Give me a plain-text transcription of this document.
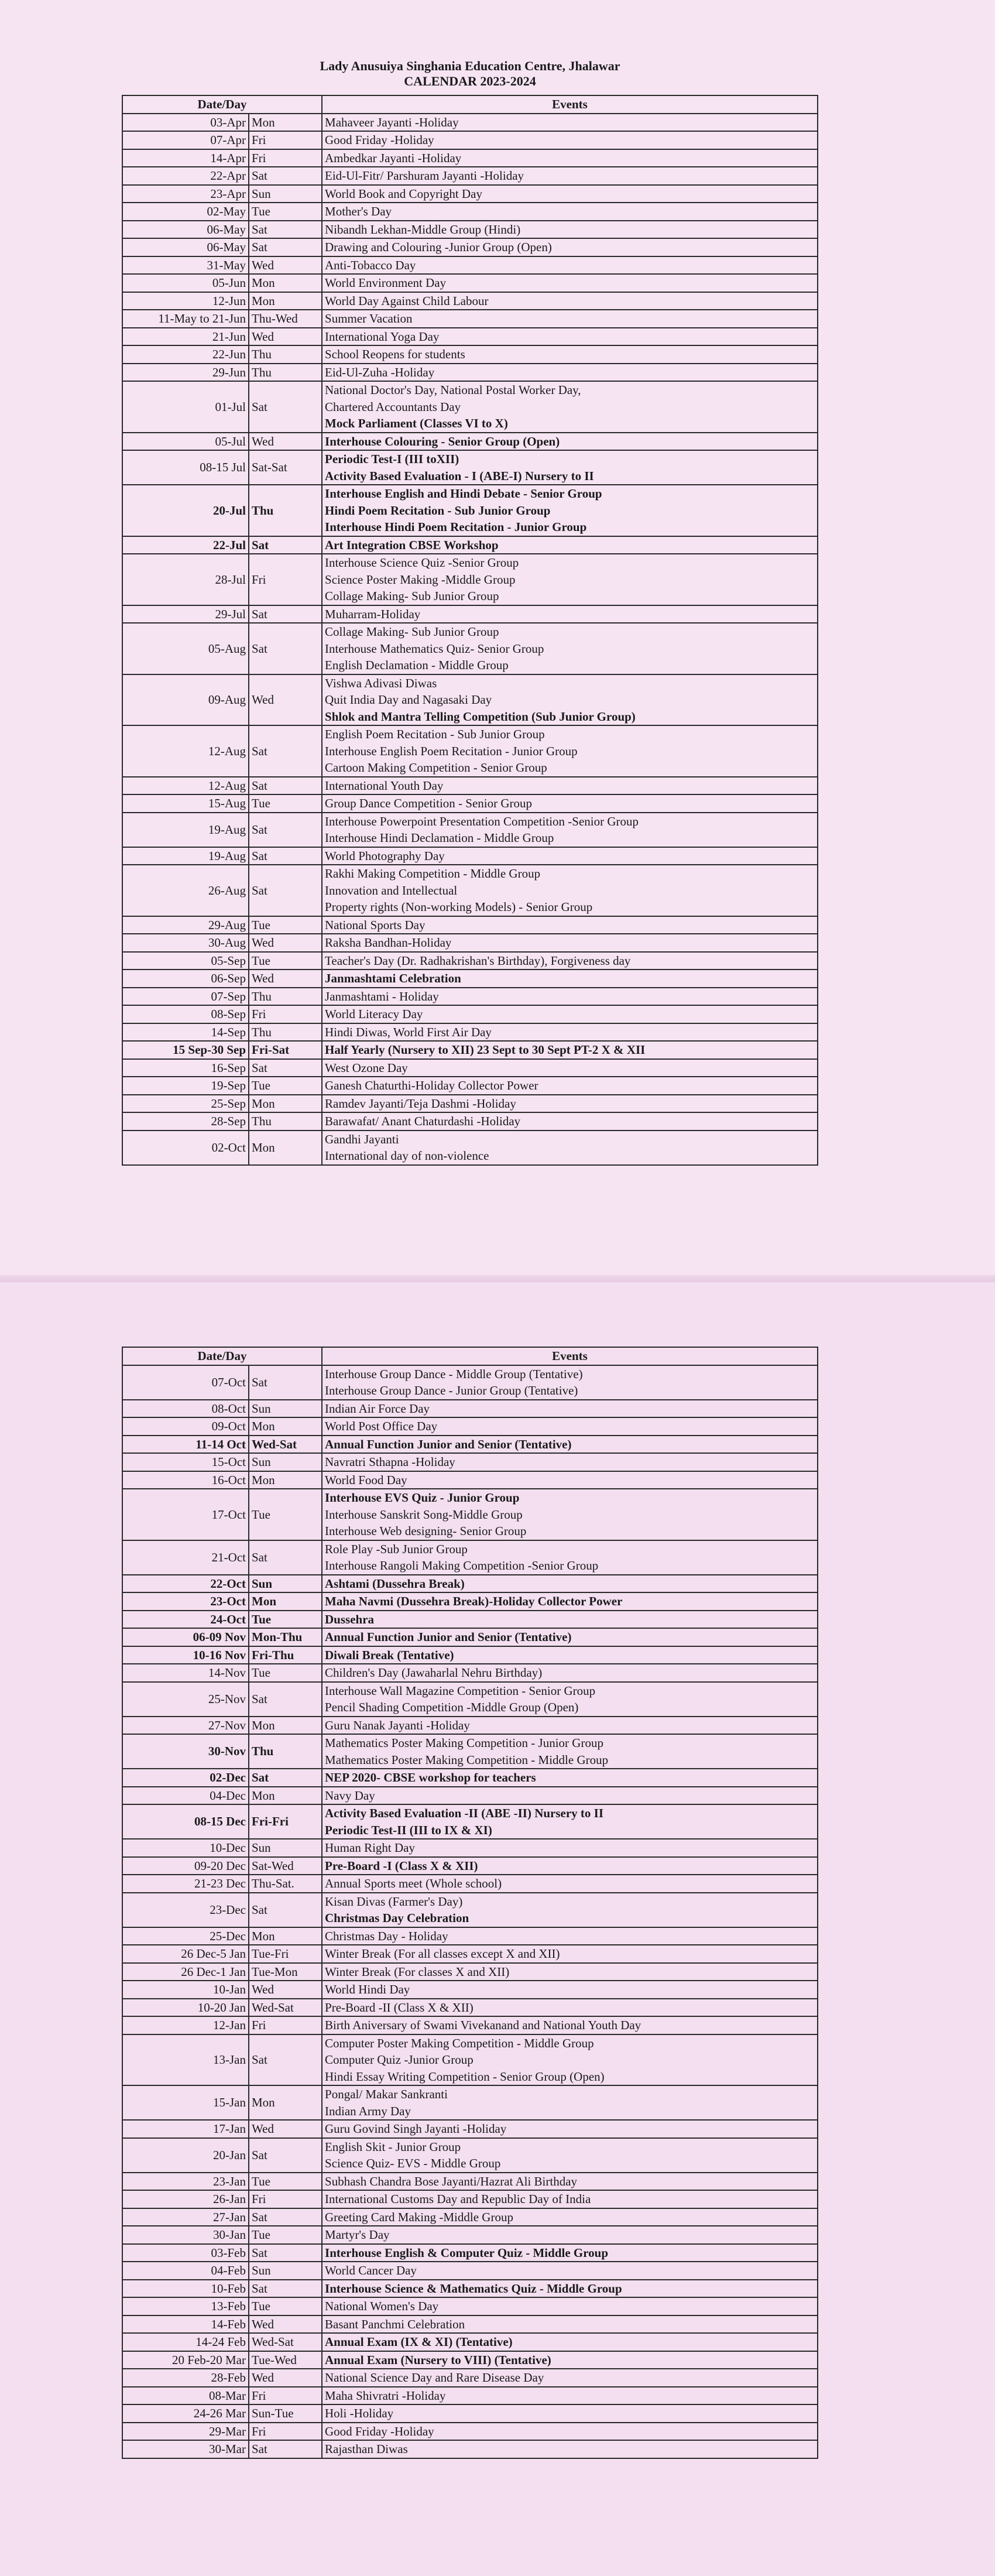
Lady Anusuiya Singhania Education Centre, Jhalawar
CALENDAR 2023-2024
Date/Day		Events
03-Apr	Mon	Mahaveer Jayanti -Holiday

07-Apr	Fri	Good Friday -Holiday

14-Apr	Fri	Ambedkar Jayanti -Holiday

22-Apr	Sat	Eid-Ul-Fitr/ Parshuram Jayanti -Holiday

23-Apr	Sun	World Book and Copyright Day

02-May	Tue	Mother's Day

06-May	Sat	Nibandh Lekhan-Middle Group (Hindi)

06-May	Sat	Drawing and Colouring -Junior Group (Open)

31-May	Wed	Anti-Tobacco Day

05-Jun	Mon	World Environment Day

12-Jun	Mon	World Day Against Child Labour

11-May to 21-Jun	Thu-Wed	Summer Vacation

21-Jun	Wed	International Yoga Day

22-Jun	Thu	School Reopens for students

29-Jun	Thu	Eid-Ul-Zuha -Holiday

01-Jul	Sat	National Doctor's Day, National Postal Worker Day,
Chartered Accountants Day
Mock Parliament (Classes VI to X)

05-Jul	Wed	Interhouse Colouring - Senior Group (Open)

08-15 Jul	Sat-Sat	Periodic Test-I (III toXII)
Activity Based Evaluation - I (ABE-I) Nursery to II

20-Jul	Thu	Interhouse English and Hindi Debate - Senior Group
Hindi Poem Recitation - Sub Junior Group
Interhouse Hindi Poem Recitation - Junior Group

22-Jul	Sat	Art Integration CBSE Workshop

28-Jul	Fri	Interhouse Science Quiz -Senior Group
Science Poster Making -Middle Group
Collage Making- Sub Junior Group

29-Jul	Sat	Muharram-Holiday

05-Aug	Sat	Collage Making- Sub Junior Group
Interhouse Mathematics Quiz- Senior Group
English Declamation - Middle Group

09-Aug	Wed	Vishwa Adivasi Diwas
Quit India Day and Nagasaki Day
Shlok and Mantra Telling Competition (Sub Junior Group)

12-Aug	Sat	English Poem Recitation - Sub Junior Group
Interhouse English Poem Recitation - Junior Group
Cartoon Making Competition - Senior Group

12-Aug	Sat	International Youth Day

15-Aug	Tue	Group Dance Competition - Senior Group

19-Aug	Sat	Interhouse Powerpoint Presentation Competition -Senior Group
Interhouse Hindi Declamation - Middle Group

19-Aug	Sat	World Photography Day

26-Aug	Sat	Rakhi Making Competition - Middle Group
Innovation and Intellectual
Property rights (Non-working Models) - Senior Group

29-Aug	Tue	National Sports Day

30-Aug	Wed	Raksha Bandhan-Holiday

05-Sep	Tue	Teacher's Day (Dr. Radhakrishan's Birthday), Forgiveness day

06-Sep	Wed	Janmashtami Celebration

07-Sep	Thu	Janmashtami - Holiday

08-Sep	Fri	World Literacy Day

14-Sep	Thu	Hindi Diwas, World First Air Day

15 Sep-30 Sep	Fri-Sat	Half Yearly (Nursery to XII) 23 Sept to 30 Sept PT-2 X & XII

16-Sep	Sat	West Ozone Day

19-Sep	Tue	Ganesh Chaturthi-Holiday Collector Power

25-Sep	Mon	Ramdev Jayanti/Teja Dashmi -Holiday

28-Sep	Thu	Barawafat/ Anant Chaturdashi -Holiday

02-Oct	Mon	Gandhi Jayanti
International day of non-violence
Date/Day		Events
07-Oct	Sat	Interhouse Group Dance - Middle Group (Tentative)
Interhouse Group Dance - Junior Group (Tentative)

08-Oct	Sun	Indian Air Force Day

09-Oct	Mon	World Post Office Day

11-14 Oct	Wed-Sat	Annual Function Junior and Senior (Tentative)

15-Oct	Sun	Navratri Sthapna -Holiday

16-Oct	Mon	World Food Day

17-Oct	Tue	Interhouse EVS Quiz - Junior Group
Interhouse Sanskrit Song-Middle Group
Interhouse Web designing- Senior Group

21-Oct	Sat	Role Play -Sub Junior Group
Interhouse Rangoli Making Competition -Senior Group

22-Oct	Sun	Ashtami (Dussehra Break)

23-Oct	Mon	Maha Navmi (Dussehra Break)-Holiday Collector Power

24-Oct	Tue	Dussehra

06-09 Nov	Mon-Thu	Annual Function Junior and Senior (Tentative)

10-16 Nov	Fri-Thu	Diwali Break (Tentative)

14-Nov	Tue	Children's Day (Jawaharlal Nehru Birthday)

25-Nov	Sat	Interhouse Wall Magazine Competition - Senior Group
Pencil Shading Competition -Middle Group (Open)

27-Nov	Mon	Guru Nanak Jayanti -Holiday

30-Nov	Thu	Mathematics Poster Making Competition - Junior Group
Mathematics Poster Making Competition - Middle Group

02-Dec	Sat	NEP 2020- CBSE workshop for teachers

04-Dec	Mon	Navy Day

08-15 Dec	Fri-Fri	Activity Based Evaluation -II (ABE -II) Nursery to II
Periodic Test-II (III to IX & XI)

10-Dec	Sun	Human Right Day

09-20 Dec	Sat-Wed	Pre-Board -I (Class X & XII)

21-23 Dec	Thu-Sat.	Annual Sports meet (Whole school)

23-Dec	Sat	Kisan Divas (Farmer's Day)
Christmas Day Celebration

25-Dec	Mon	Christmas Day - Holiday

26 Dec-5 Jan	Tue-Fri	Winter Break (For all classes except X and XII)

26 Dec-1 Jan	Tue-Mon	Winter Break (For classes X and XII)

10-Jan	Wed	World Hindi Day

10-20 Jan	Wed-Sat	Pre-Board -II (Class X & XII)

12-Jan	Fri	Birth Aniversary of Swami Vivekanand and National Youth Day

13-Jan	Sat	Computer Poster Making Competition - Middle Group
Computer Quiz -Junior Group
Hindi Essay Writing Competition - Senior Group (Open)

15-Jan	Mon	Pongal/ Makar Sankranti
Indian Army Day

17-Jan	Wed	Guru Govind Singh Jayanti -Holiday

20-Jan	Sat	English Skit - Junior Group
Science Quiz- EVS - Middle Group

23-Jan	Tue	Subhash Chandra Bose Jayanti/Hazrat Ali Birthday

26-Jan	Fri	International Customs Day and Republic Day of India

27-Jan	Sat	Greeting Card Making -Middle Group

30-Jan	Tue	Martyr's Day

03-Feb	Sat	Interhouse English & Computer Quiz - Middle Group

04-Feb	Sun	World Cancer Day

10-Feb	Sat	Interhouse Science & Mathematics Quiz - Middle Group

13-Feb	Tue	National Women's Day

14-Feb	Wed	Basant Panchmi Celebration

14-24 Feb	Wed-Sat	Annual Exam (IX & XI) (Tentative)

20 Feb-20 Mar	Tue-Wed	Annual Exam (Nursery to VIII) (Tentative)

28-Feb	Wed	National Science Day and Rare Disease Day

08-Mar	Fri	Maha Shivratri -Holiday

24-26 Mar	Sun-Tue	Holi -Holiday

29-Mar	Fri	Good Friday -Holiday

30-Mar	Sat	Rajasthan Diwas
